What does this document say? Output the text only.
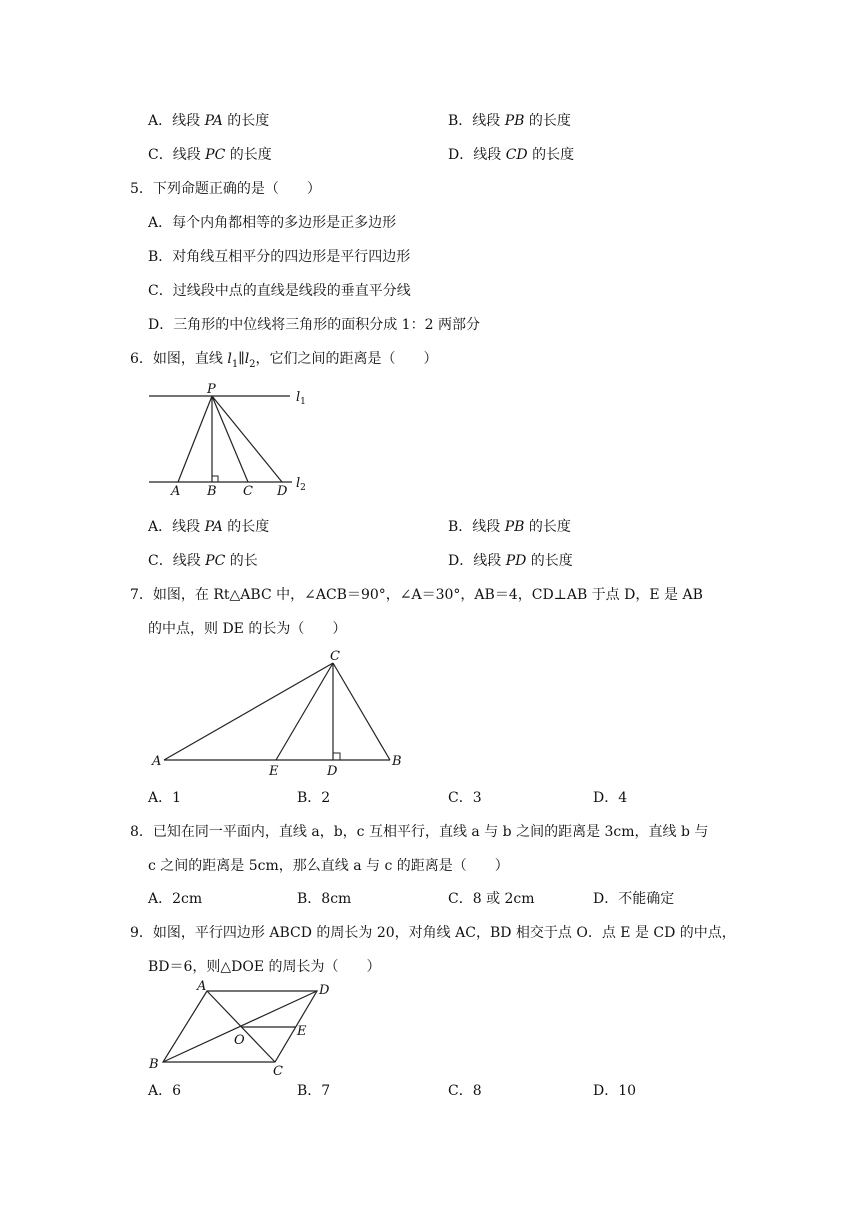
A．线段 PA 的长度	B．线段 PB 的长度
C．线段 PC 的长度	D．线段 CD 的长度
5．下列命题正确的是（　　）
A．每个内角都相等的多边形是正多边形
B．对角线互相平分的四边形是平行四边形
C．过线段中点的直线是线段的垂直平分线
D．三角形的中位线将三角形的面积分成 1：2 两部分
6．如图，直线 $l_1\parallel l_2$，它们之间的距离是（　　）
P
$l_1$
A B C D
$l_2$
A．线段 PA 的长度	B．线段 PB 的长度
C．线段 PC 的长	D．线段 PD 的长度
7．如图，在 Rt△ABC 中，∠ACB＝90°，∠A＝30°，AB＝4，CD⊥AB 于点 D，E 是 AB
的中点，则 DE 的长为（　　）
C
A
E	D
B
A．1	B．2	C．3	D．4
8．已知在同一平面内，直线 a，b，c 互相平行，直线 a 与 b 之间的距离是 3cm，直线 b 与
c 之间的距离是 5cm，那么直线 a 与 c 的距离是（　　）
A．2cm	B．8cm	C．8 或 2cm	D．不能确定
9．如图，平行四边形 ABCD 的周长为 20，对角线 AC，BD 相交于点 O．点 E 是 CD 的中点，
BD＝6，则△DOE 的周长为（　　）
A	D
E
O
B	C
A．6	B．7	C．8	D．10
